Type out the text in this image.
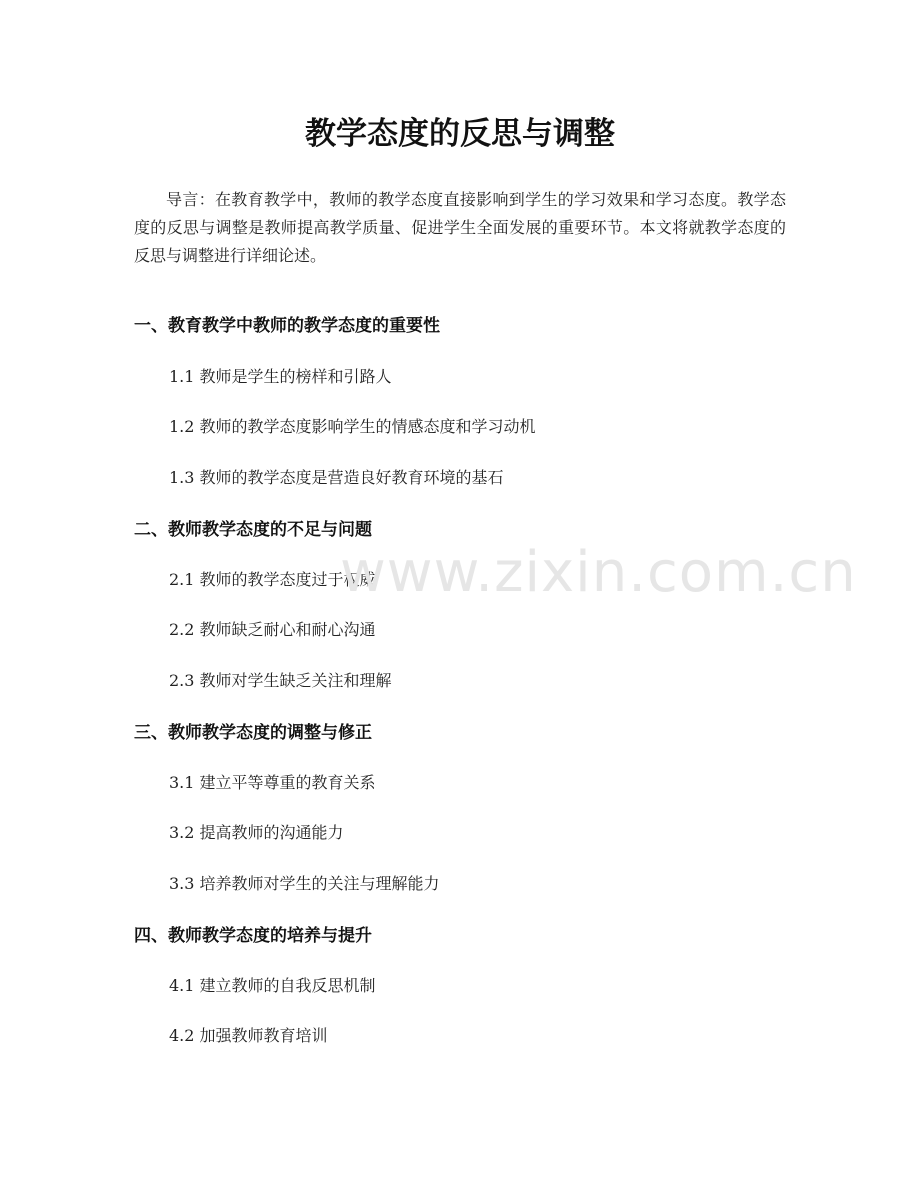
教学态度的反思与调整

导言：在教育教学中，教师的教学态度直接影响到学生的学习效果和学习态度。教学态度的反思与调整是教师提高教学质量、促进学生全面发展的重要环节。本文将就教学态度的反思与调整进行详细论述。

一、教育教学中教师的教学态度的重要性

1.1 教师是学生的榜样和引路人

1.2 教师的教学态度影响学生的情感态度和学习动机

1.3 教师的教学态度是营造良好教育环境的基石

二、教师教学态度的不足与问题

2.1 教师的教学态度过于权威

2.2 教师缺乏耐心和耐心沟通

2.3 教师对学生缺乏关注和理解

三、教师教学态度的调整与修正

3.1 建立平等尊重的教育关系

3.2 提高教师的沟通能力

3.3 培养教师对学生的关注与理解能力

四、教师教学态度的培养与提升

4.1 建立教师的自我反思机制

4.2 加强教师教育培训

www.zixin.com.cn
